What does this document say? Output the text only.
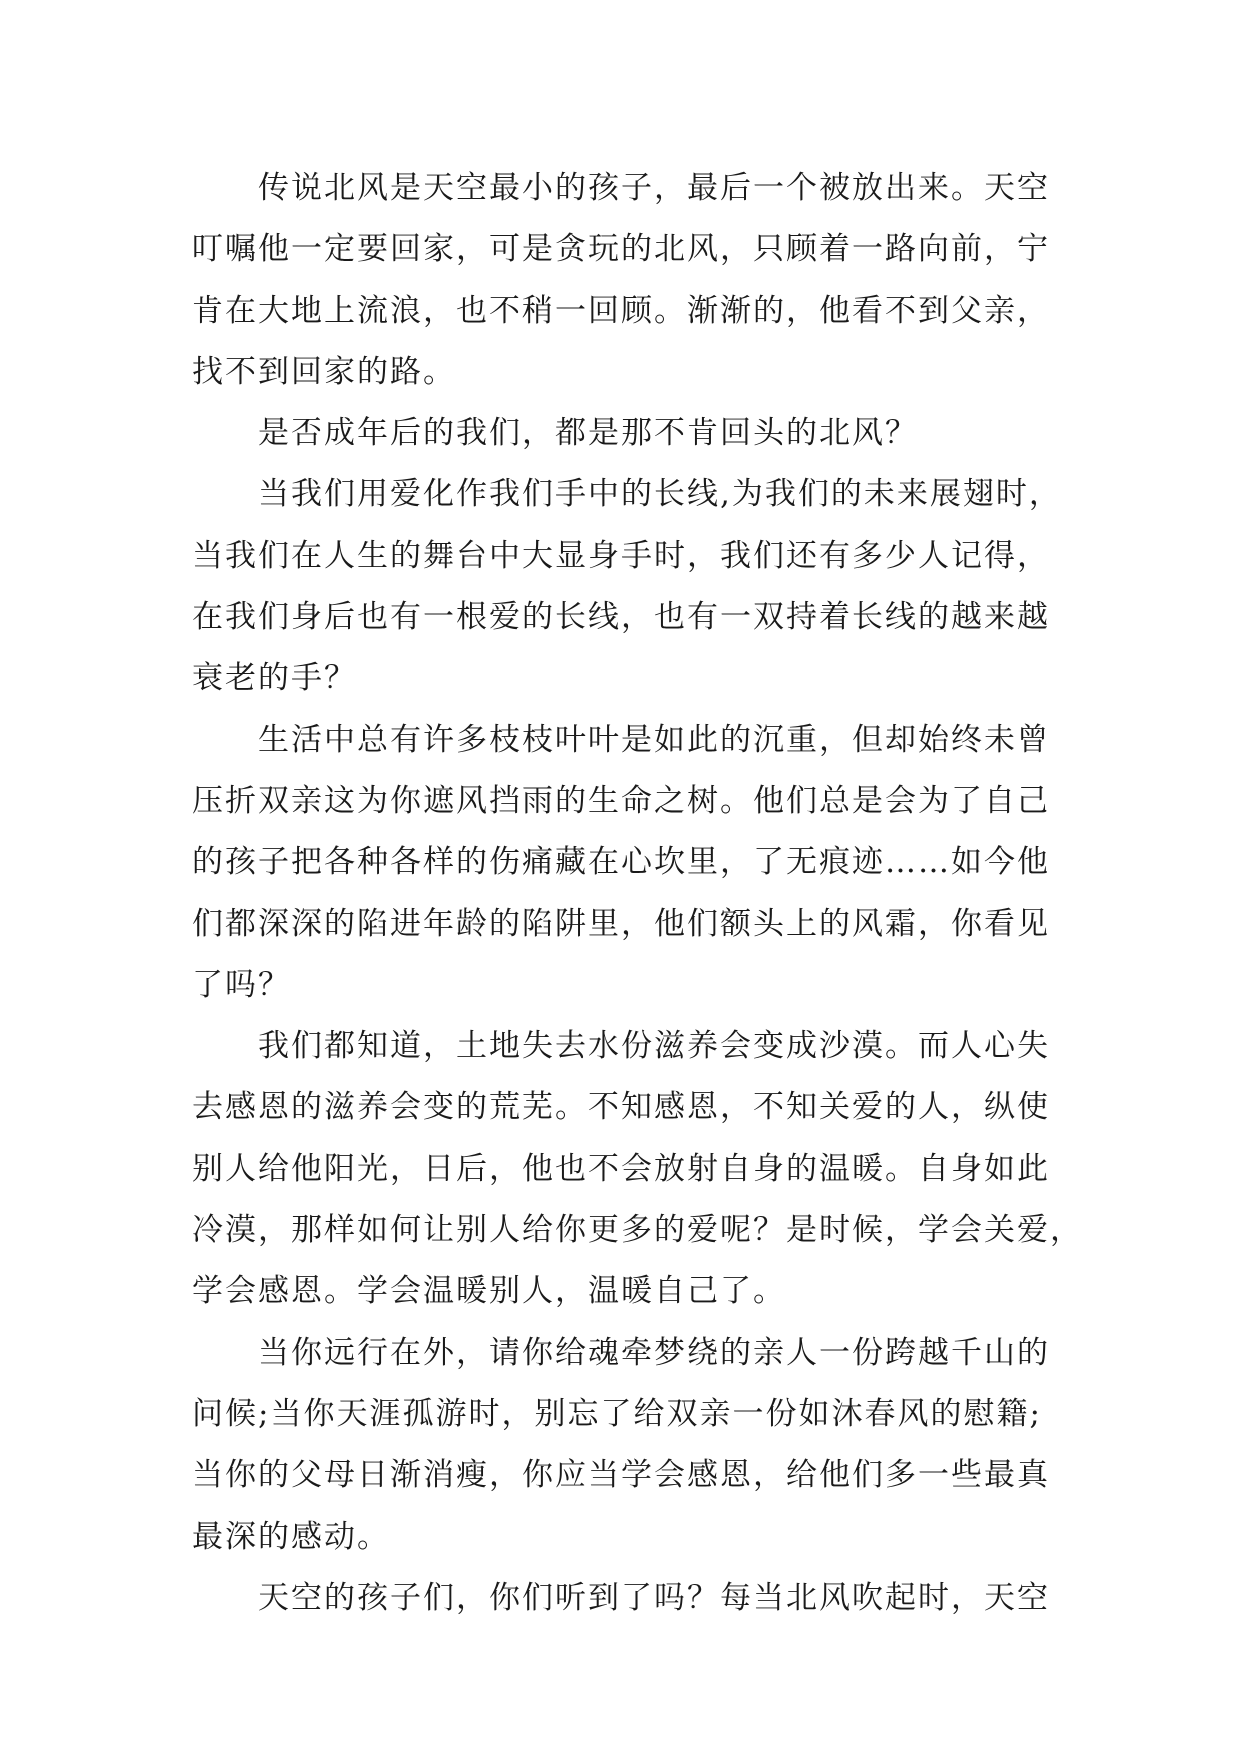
传说北风是天空最小的孩子，最后一个被放出来。天空
叮嘱他一定要回家，可是贪玩的北风，只顾着一路向前，宁
肯在大地上流浪，也不稍一回顾。渐渐的，他看不到父亲，
找不到回家的路。
是否成年后的我们，都是那不肯回头的北风？
当我们用爱化作我们手中的长线,为我们的未来展翅时，
当我们在人生的舞台中大显身手时，我们还有多少人记得，
在我们身后也有一根爱的长线，也有一双持着长线的越来越
衰老的手？
生活中总有许多枝枝叶叶是如此的沉重，但却始终未曾
压折双亲这为你遮风挡雨的生命之树。他们总是会为了自己
的孩子把各种各样的伤痛藏在心坎里，了无痕迹……如今他
们都深深的陷进年龄的陷阱里，他们额头上的风霜，你看见
了吗？
我们都知道，土地失去水份滋养会变成沙漠。而人心失
去感恩的滋养会变的荒芜。不知感恩，不知关爱的人，纵使
别人给他阳光，日后，他也不会放射自身的温暖。自身如此
冷漠，那样如何让别人给你更多的爱呢？是时候，学会关爱，
学会感恩。学会温暖别人，温暖自己了。
当你远行在外，请你给魂牵梦绕的亲人一份跨越千山的
问候;当你天涯孤游时，别忘了给双亲一份如沐春风的慰籍;
当你的父母日渐消瘦，你应当学会感恩，给他们多一些最真
最深的感动。
天空的孩子们，你们听到了吗？每当北风吹起时，天空
